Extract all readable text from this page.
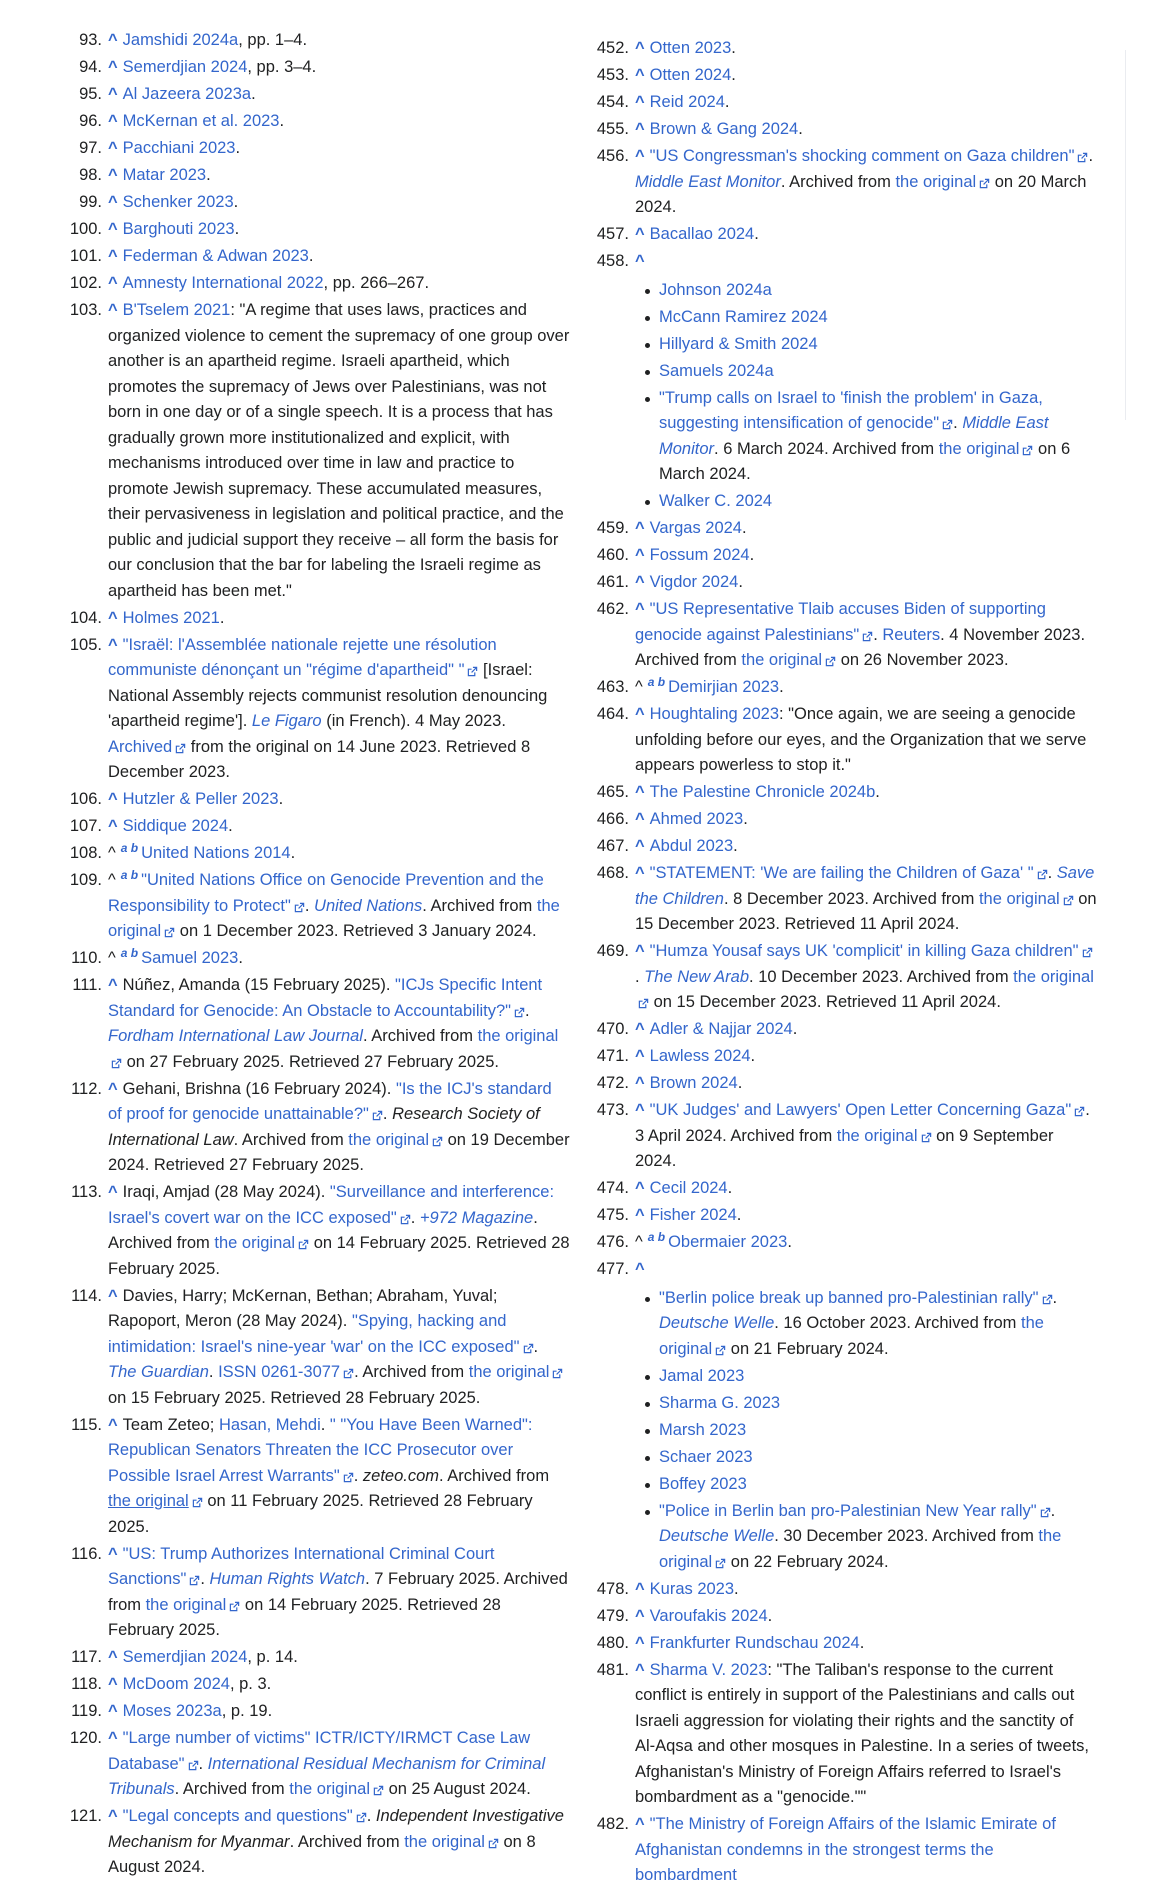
93. ^ Jamshidi 2024a, pp. 1–4.
94. ^ Semerdjian 2024, pp. 3–4.
95. ^ Al Jazeera 2023a.
96. ^ McKernan et al. 2023.
97. ^ Pacchiani 2023.
98. ^ Matar 2023.
99. ^ Schenker 2023.
100. ^ Barghouti 2023.
101. ^ Federman & Adwan 2023.
102. ^ Amnesty International 2022, pp. 266–267.
103. ^ B'Tselem 2021: "A regime that uses laws, practices and organized violence to cement the supremacy of one group over another is an apartheid regime. Israeli apartheid, which promotes the supremacy of Jews over Palestinians, was not born in one day or of a single speech. It is a process that has gradually grown more institutionalized and explicit, with mechanisms introduced over time in law and practice to promote Jewish supremacy. These accumulated measures, their pervasiveness in legislation and political practice, and the public and judicial support they receive – all form the basis for our conclusion that the bar for labeling the Israeli regime as apartheid has been met."
104. ^ Holmes 2021.
105. ^ "Israël: l'Assemblée nationale rejette une résolution communiste dénonçant un "régime d'apartheid" "
[Israel: National Assembly rejects communist resolution denouncing 'apartheid regime']. Le Figaro (in French). 4 May 2023. Archived
from the original on 14 June 2023. Retrieved 8 December 2023.
106. ^ Hutzler & Peller 2023.
107. ^ Siddique 2024.
108. ^ $^{a b}$ United Nations 2014.
109. ^ $^{a b}$ "United Nations Office on Genocide Prevention and the Responsibility to Protect" . United Nations. Archived from the original
on 1 December 2023. Retrieved 3 January 2024.
110. ^ $^{a b}$ Samuel 2023.
111. ^ Núñez, Amanda (15 February 2025). "ICJs Specific Intent Standard for Genocide: An Obstacle to Accountability?" . Fordham International Law Journal. Archived from the original
on 27 February 2025. Retrieved 27 February 2025.
112. ^ Gehani, Brishna (16 February 2024). "Is the ICJ's standard of proof for genocide unattainable?" . Research Society of International Law. Archived from the original
on 19 December 2024. Retrieved 27 February 2025.
113. ^ Iraqi, Amjad (28 May 2024). "Surveillance and interference: Israel's covert war on the ICC exposed" . +972 Magazine. Archived from the original
on 14 February 2025. Retrieved 28 February 2025.
114. ^ Davies, Harry; McKernan, Bethan; Abraham, Yuval; Rapoport, Meron (28 May 2024). "Spying, hacking and intimidation: Israel's nine-year 'war' on the ICC exposed" . The Guardian. ISSN 0261-3077 . Archived from the original
on 15 February 2025. Retrieved 28 February 2025.
115. ^ Team Zeteo; Hasan, Mehdi. " "You Have Been Warned": Republican Senators Threaten the ICC Prosecutor over Possible Israel Arrest Warrants" . zeteo.com. Archived from the original
on 11 February 2025. Retrieved 28 February 2025.
116. ^ "US: Trump Authorizes International Criminal Court Sanctions" . Human Rights Watch. 7 February 2025. Archived from the original
on 14 February 2025. Retrieved 28 February 2025.
117. ^ Semerdjian 2024, p. 14.
118. ^ McDoom 2024, p. 3.
119. ^ Moses 2023a, p. 19.
120. ^ "Large number of victims" ICTR/ICTY/IRMCT Case Law Database" . International Residual Mechanism for Criminal Tribunals. Archived from the original
on 25 August 2024.
121. ^ "Legal concepts and questions" . Independent Investigative Mechanism for Myanmar. Archived from the original
on 8 August 2024.
452. ^ Otten 2023.
453. ^ Otten 2024.
454. ^ Reid 2024.
455. ^ Brown & Gang 2024.
456. ^ "US Congressman's shocking comment on Gaza children" . Middle East Monitor. Archived from the original
on 20 March 2024.
457. ^ Bacallao 2024.
458. ^
Johnson 2024a
McCann Ramirez 2024
Hillyard & Smith 2024
Samuels 2024a
"Trump calls on Israel to 'finish the problem' in Gaza, suggesting intensification of genocide" . Middle East Monitor. 6 March 2024. Archived from the original
on 6 March 2024.
Walker C. 2024
459. ^ Vargas 2024.
460. ^ Fossum 2024.
461. ^ Vigdor 2024.
462. ^ "US Representative Tlaib accuses Biden of supporting genocide against Palestinians" . Reuters. 4 November 2023. Archived from the original
on 26 November 2023.
463. ^ $^{a b}$ Demirjian 2023.
464. ^ Houghtaling 2023: "Once again, we are seeing a genocide unfolding before our eyes, and the Organization that we serve appears powerless to stop it."
465. ^ The Palestine Chronicle 2024b.
466. ^ Ahmed 2023.
467. ^ Abdul 2023.
468. ^ "STATEMENT: 'We are failing the Children of Gaza' " . Save the Children. 8 December 2023. Archived from the original
on 15 December 2023. Retrieved 11 April 2024.
469. ^ "Humza Yousaf says UK 'complicit' in killing Gaza children"
. The New Arab. 10 December 2023. Archived from the original
on 15 December 2023. Retrieved 11 April 2024.
470. ^ Adler & Najjar 2024.
471. ^ Lawless 2024.
472. ^ Brown 2024.
473. ^ "UK Judges' and Lawyers' Open Letter Concerning Gaza" . 3 April 2024. Archived from the original
on 9 September 2024.
474. ^ Cecil 2024.
475. ^ Fisher 2024.
476. ^ $^{a b}$ Obermaier 2023.
477. ^
"Berlin police break up banned pro-Palestinian rally" . Deutsche Welle. 16 October 2023. Archived from the original
on 21 February 2024.
Jamal 2023
Sharma G. 2023
Marsh 2023
Schaer 2023
Boffey 2023
"Police in Berlin ban pro-Palestinian New Year rally" . Deutsche Welle. 30 December 2023. Archived from the original
on 22 February 2024.
478. ^ Kuras 2023.
479. ^ Varoufakis 2024.
480. ^ Frankfurter Rundschau 2024.
481. ^ Sharma V. 2023: "The Taliban's response to the current conflict is entirely in support of the Palestinians and calls out Israeli aggression for violating their rights and the sanctity of Al-Aqsa and other mosques in Palestine. In a series of tweets, Afghanistan's Ministry of Foreign Affairs referred to Israel's bombardment as a "genocide.""
482. ^ "The Ministry of Foreign Affairs of the Islamic Emirate of Afghanistan condemns in the strongest terms the bombardment
